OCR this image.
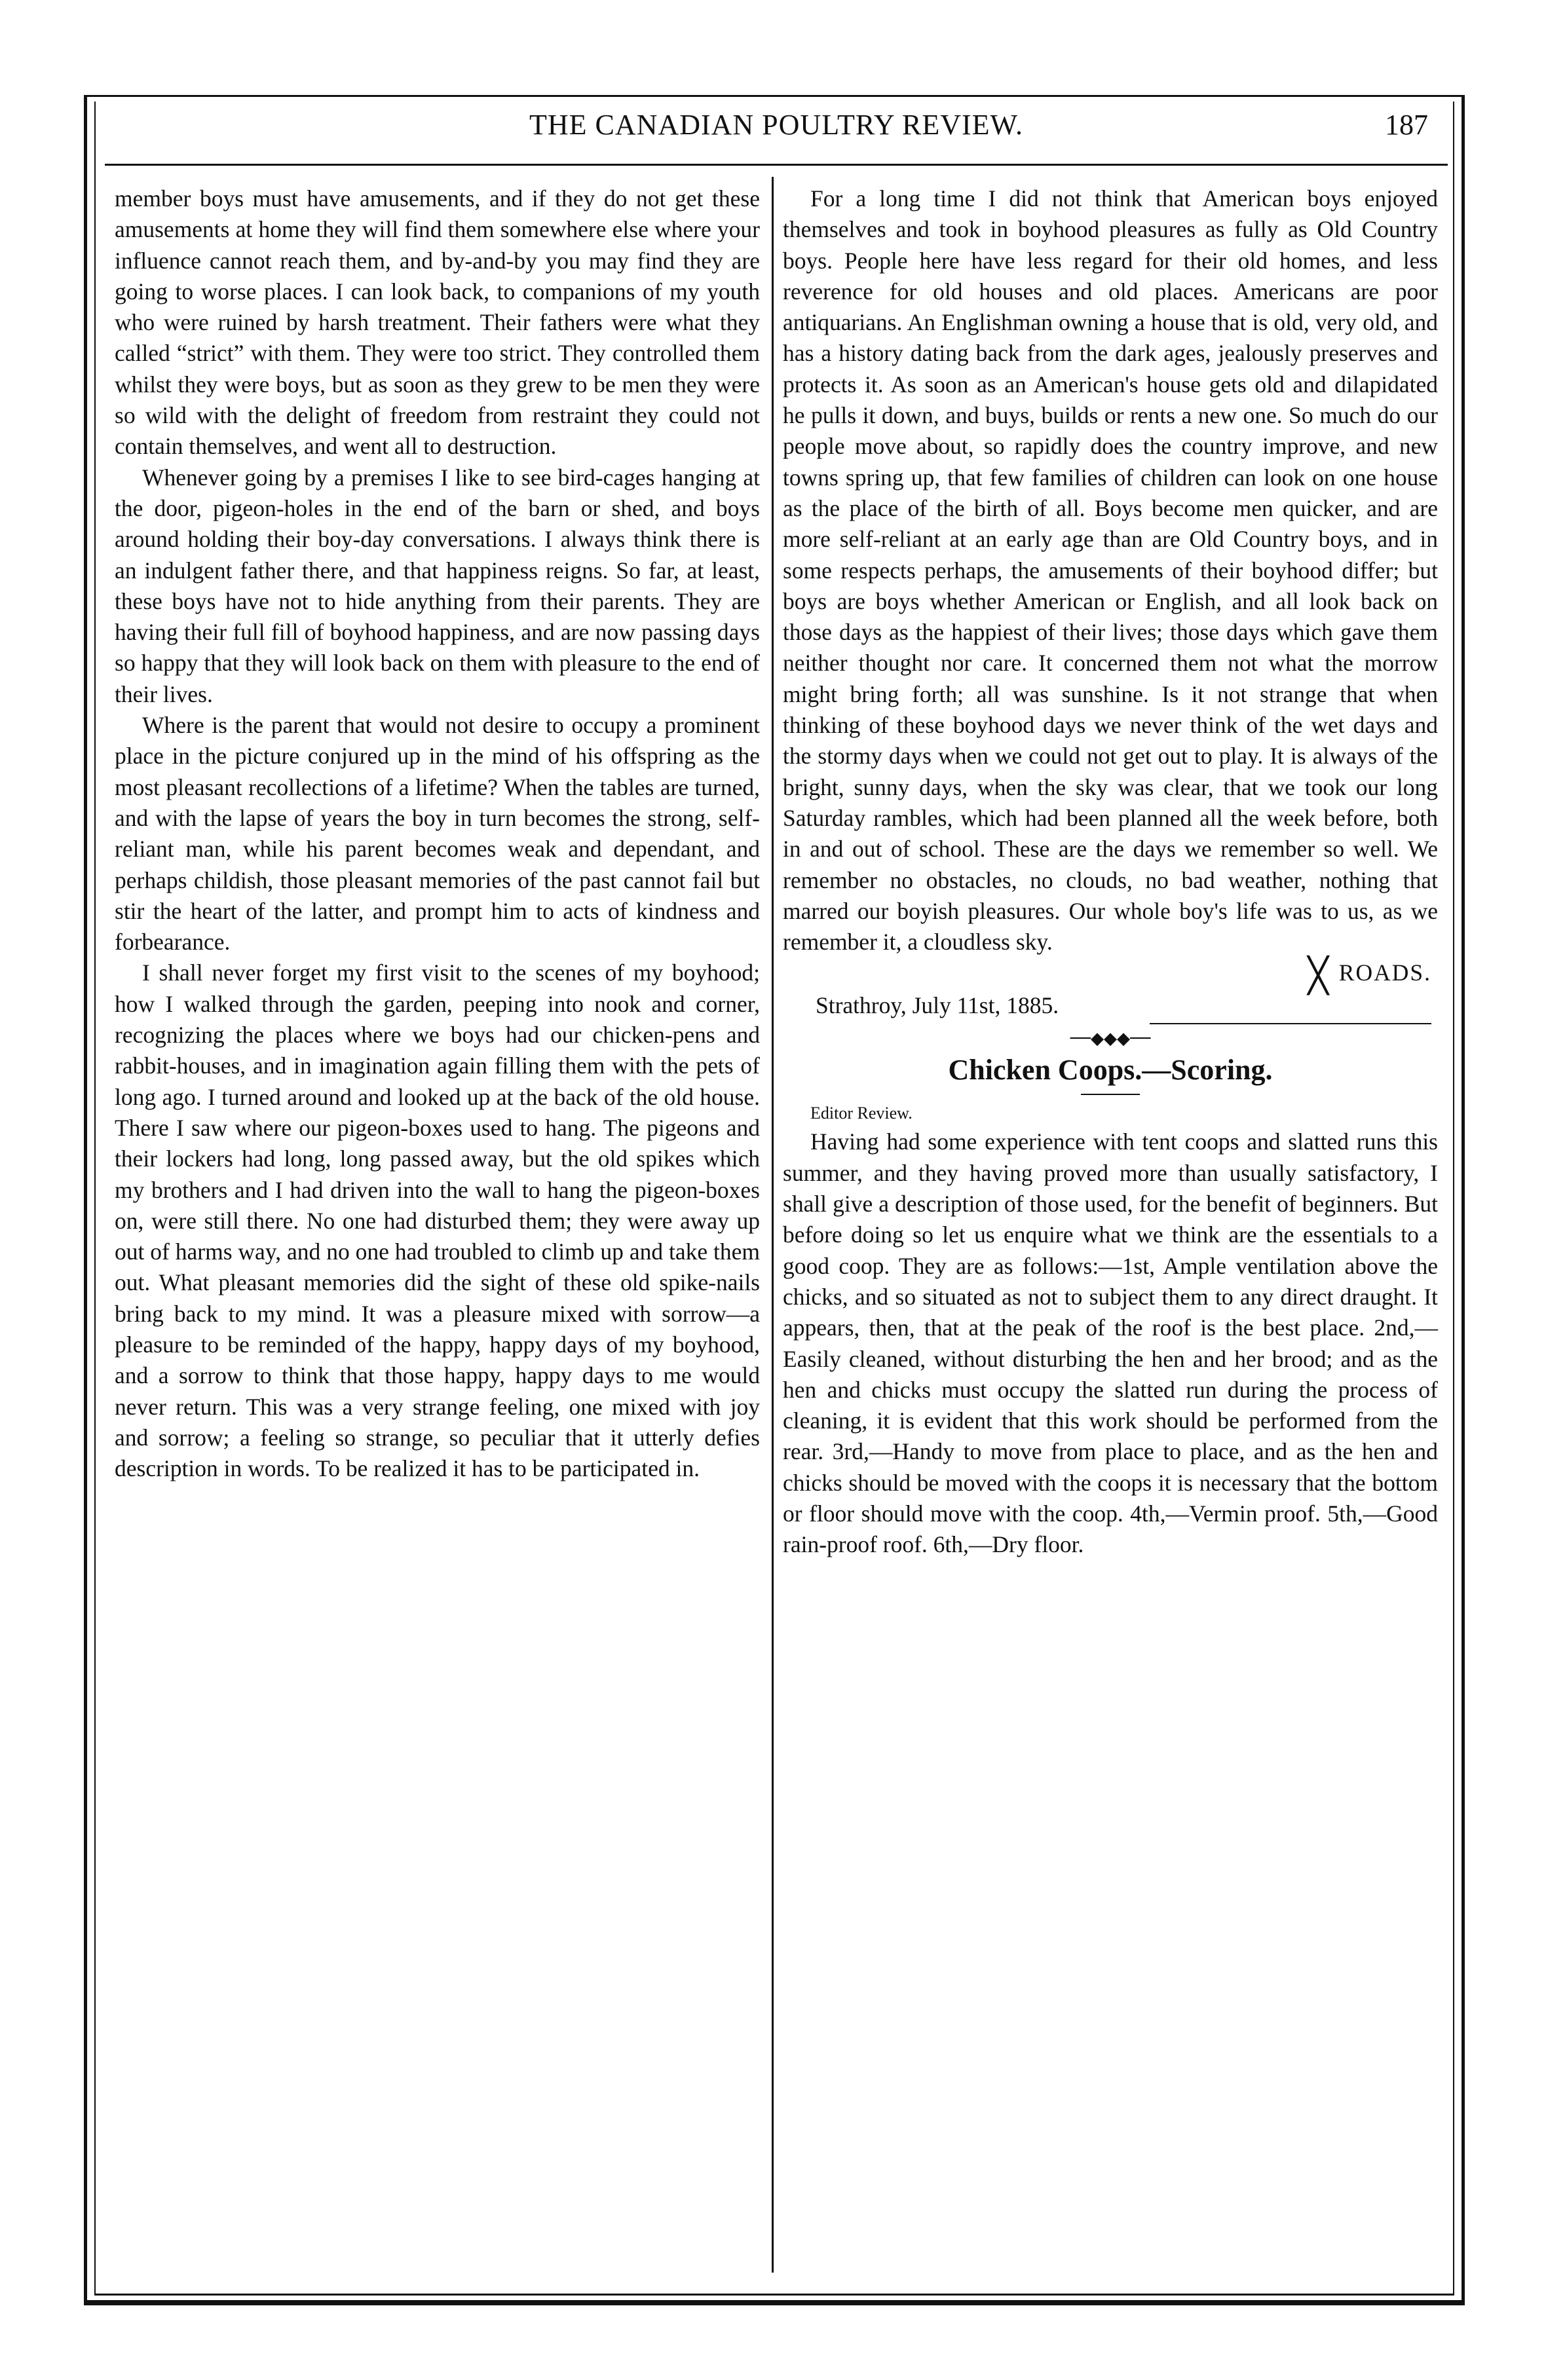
THE CANADIAN POULTRY REVIEW.	187

member boys must have amusements, and if they do not get these amusements at home they will find them somewhere else where your influence cannot reach them, and by-and-by you may find they are going to worse places. I can look back, to companions of my youth who were ruined by harsh treatment. Their fathers were what they called “strict” with them. They were too strict. They controlled them whilst they were boys, but as soon as they grew to be men they were so wild with the delight of freedom from restraint they could not contain themselves, and went all to destruction.

Whenever going by a premises I like to see bird-cages hanging at the door, pigeon-holes in the end of the barn or shed, and boys around holding their boy-day conversations. I always think there is an indulgent father there, and that happiness reigns. So far, at least, these boys have not to hide anything from their parents. They are having their full fill of boyhood happiness, and are now passing days so happy that they will look back on them with pleasure to the end of their lives.

Where is the parent that would not desire to occupy a prominent place in the picture conjured up in the mind of his offspring as the most pleasant recollections of a lifetime? When the tables are turned, and with the lapse of years the boy in turn becomes the strong, self-reliant man, while his parent becomes weak and dependant, and perhaps childish, those pleasant memories of the past cannot fail but stir the heart of the latter, and prompt him to acts of kindness and forbearance.

I shall never forget my first visit to the scenes of my boyhood; how I walked through the garden, peeping into nook and corner, recognizing the places where we boys had our chicken-pens and rabbit-houses, and in imagination again filling them with the pets of long ago. I turned around and looked up at the back of the old house. There I saw where our pigeon-boxes used to hang. The pigeons and their lockers had long, long passed away, but the old spikes which my brothers and I had driven into the wall to hang the pigeon-boxes on, were still there. No one had disturbed them; they were away up out of harms way, and no one had troubled to climb up and take them out. What pleasant memories did the sight of these old spike-nails bring back to my mind. It was a pleasure mixed with sorrow—a pleasure to be reminded of the happy, happy days of my boyhood, and a sorrow to think that those happy, happy days to me would never return. This was a very strange feeling, one mixed with joy and sorrow; a feeling so strange, so peculiar that it utterly defies description in words. To be realized it has to be participated in.

For a long time I did not think that American boys enjoyed themselves and took in boyhood pleasures as fully as Old Country boys. People here have less regard for their old homes, and less reverence for old houses and old places. Americans are poor antiquarians. An Englishman owning a house that is old, very old, and has a history dating back from the dark ages, jealously preserves and protects it. As soon as an American's house gets old and dilapidated he pulls it down, and buys, builds or rents a new one. So much do our people move about, so rapidly does the country improve, and new towns spring up, that few families of children can look on one house as the place of the birth of all. Boys become men quicker, and are more self-reliant at an early age than are Old Country boys, and in some respects perhaps, the amusements of their boyhood differ; but boys are boys whether American or English, and all look back on those days as the happiest of their lives; those days which gave them neither thought nor care. It concerned them not what the morrow might bring forth; all was sunshine. Is it not strange that when thinking of these boyhood days we never think of the wet days and the stormy days when we could not get out to play. It is always of the bright, sunny days, when the sky was clear, that we took our long Saturday rambles, which had been planned all the week before, both in and out of school. These are the days we remember so well. We remember no obstacles, no clouds, no bad weather, nothing that marred our boyish pleasures. Our whole boy's life was to us, as we remember it, a cloudless sky.

╳ ROADS.
Strathroy, July 11st, 1885.
──◆◆◆──
Chicken Coops.—Scoring.

Editor Review.

Having had some experience with tent coops and slatted runs this summer, and they having proved more than usually satisfactory, I shall give a description of those used, for the benefit of beginners. But before doing so let us enquire what we think are the essentials to a good coop. They are as follows:—1st, Ample ventilation above the chicks, and so situated as not to subject them to any direct draught. It appears, then, that at the peak of the roof is the best place. 2nd,—Easily cleaned, without disturbing the hen and her brood; and as the hen and chicks must occupy the slatted run during the process of cleaning, it is evident that this work should be performed from the rear. 3rd,—Handy to move from place to place, and as the hen and chicks should be moved with the coops it is necessary that the bottom or floor should move with the coop. 4th,—Vermin proof. 5th,—Good rain-proof roof. 6th,—Dry floor.
